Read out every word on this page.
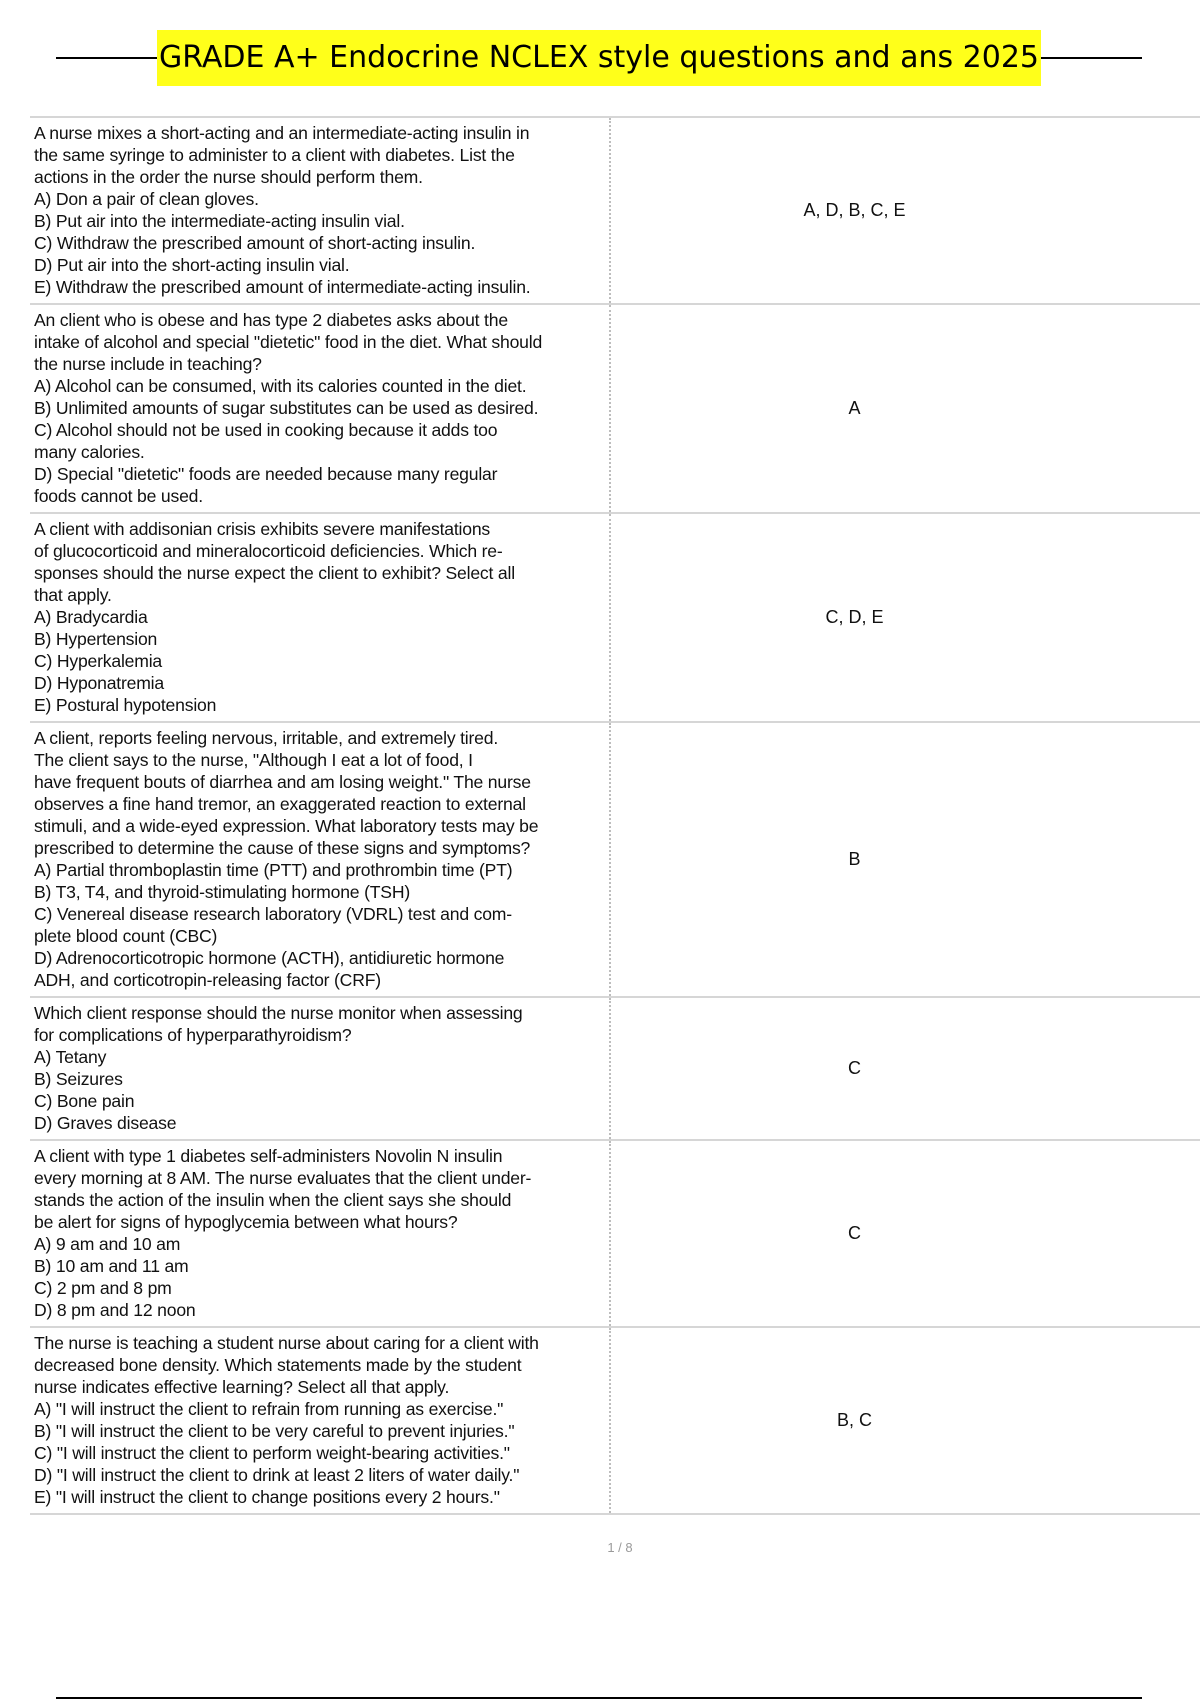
GRADE A+ Endocrine NCLEX style questions and ans 2025
A nurse mixes a short-acting and an intermediate-acting insulin in
the same syringe to administer to a client with diabetes. List the
actions in the order the nurse should perform them.
A) Don a pair of clean gloves.
B) Put air into the intermediate-acting insulin vial.
C) Withdraw the prescribed amount of short-acting insulin.
D) Put air into the short-acting insulin vial.
E) Withdraw the prescribed amount of intermediate-acting insulin.
A, D, B, C, E
An client who is obese and has type 2 diabetes asks about the
intake of alcohol and special "dietetic" food in the diet. What should
the nurse include in teaching?
A) Alcohol can be consumed, with its calories counted in the diet.
B) Unlimited amounts of sugar substitutes can be used as desired.
C) Alcohol should not be used in cooking because it adds too
many calories.
D) Special "dietetic" foods are needed because many regular
foods cannot be used.
A
A client with addisonian crisis exhibits severe manifestations
of glucocorticoid and mineralocorticoid deficiencies. Which re-
sponses should the nurse expect the client to exhibit? Select all
that apply.
A) Bradycardia
B) Hypertension
C) Hyperkalemia
D) Hyponatremia
E) Postural hypotension
C, D, E
A client, reports feeling nervous, irritable, and extremely tired.
The client says to the nurse, "Although I eat a lot of food, I
have frequent bouts of diarrhea and am losing weight." The nurse
observes a fine hand tremor, an exaggerated reaction to external
stimuli, and a wide-eyed expression. What laboratory tests may be
prescribed to determine the cause of these signs and symptoms?
A) Partial thromboplastin time (PTT) and prothrombin time (PT)
B) T3, T4, and thyroid-stimulating hormone (TSH)
C) Venereal disease research laboratory (VDRL) test and com-
plete blood count (CBC)
D) Adrenocorticotropic hormone (ACTH), antidiuretic hormone
ADH, and corticotropin-releasing factor (CRF)
B
Which client response should the nurse monitor when assessing
for complications of hyperparathyroidism?
A) Tetany
B) Seizures
C) Bone pain
D) Graves disease
C
A client with type 1 diabetes self-administers Novolin N insulin
every morning at 8 AM. The nurse evaluates that the client under-
stands the action of the insulin when the client says she should
be alert for signs of hypoglycemia between what hours?
A) 9 am and 10 am
B) 10 am and 11 am
C) 2 pm and 8 pm
D) 8 pm and 12 noon
C
The nurse is teaching a student nurse about caring for a client with
decreased bone density. Which statements made by the student
nurse indicates effective learning? Select all that apply.
A) "I will instruct the client to refrain from running as exercise."
B) "I will instruct the client to be very careful to prevent injuries."
C) "I will instruct the client to perform weight-bearing activities."
D) "I will instruct the client to drink at least 2 liters of water daily."
E) "I will instruct the client to change positions every 2 hours."
B, C
1 / 8
